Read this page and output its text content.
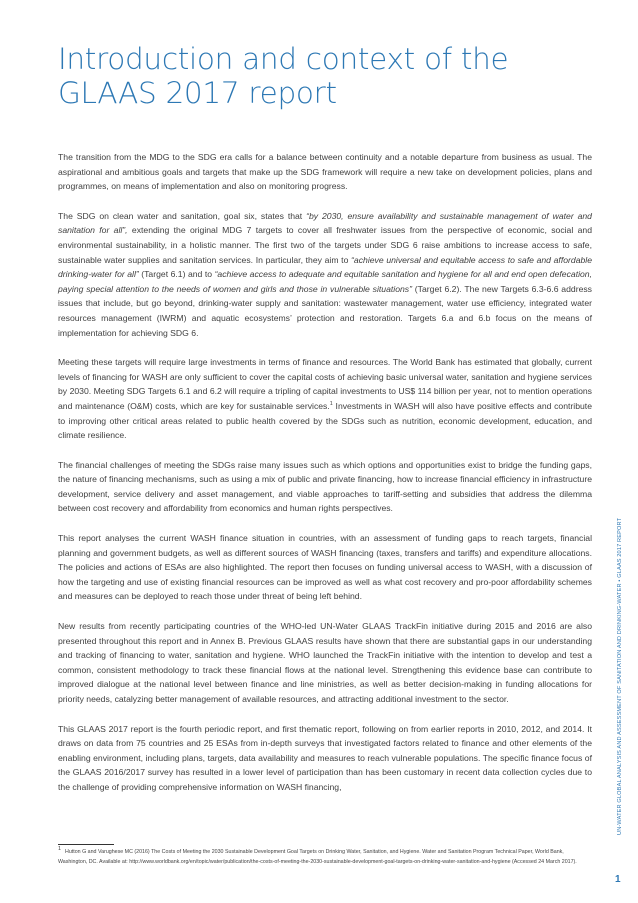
Introduction and context of the GLAAS 2017 report

The transition from the MDG to the SDG era calls for a balance between continuity and a notable departure from business as usual. The aspirational and ambitious goals and targets that make up the SDG framework will require a new take on development policies, plans and programmes, on means of implementation and also on monitoring progress.

The SDG on clean water and sanitation, goal six, states that “by 2030, ensure availability and sustainable management of water and sanitation for all”, extending the original MDG 7 targets to cover all freshwater issues from the perspective of economic, social and environmental sustainability, in a holistic manner. The first two of the targets under SDG 6 raise ambitions to increase access to safe, sustainable water supplies and sanitation services. In particular, they aim to “achieve universal and equitable access to safe and affordable drinking-water for all” (Target 6.1) and to “achieve access to adequate and equitable sanitation and hygiene for all and end open defecation, paying special attention to the needs of women and girls and those in vulnerable situations” (Target 6.2). The new Targets 6.3-6.6 address issues that include, but go beyond, drinking-water supply and sanitation: wastewater management, water use efficiency, integrated water resources management (IWRM) and aquatic ecosystems’ protection and restoration. Targets 6.a and 6.b focus on the means of implementation for achieving SDG 6.

Meeting these targets will require large investments in terms of finance and resources. The World Bank has estimated that globally, current levels of financing for WASH are only sufficient to cover the capital costs of achieving basic universal water, sanitation and hygiene services by 2030. Meeting SDG Targets 6.1 and 6.2 will require a tripling of capital investments to US$ 114 billion per year, not to mention operations and maintenance (O&M) costs, which are key for sustainable services.$^1$ Investments in WASH will also have positive effects and contribute to improving other critical areas related to public health covered by the SDGs such as nutrition, economic development, education, and climate resilience.

The financial challenges of meeting the SDGs raise many issues such as which options and opportunities exist to bridge the funding gaps, the nature of financing mechanisms, such as using a mix of public and private financing, how to increase financial efficiency in infrastructure development, service delivery and asset management, and viable approaches to tariff-setting and subsidies that address the dilemma between cost recovery and affordability from economics and human rights perspectives.

This report analyses the current WASH finance situation in countries, with an assessment of funding gaps to reach targets, financial planning and government budgets, as well as different sources of WASH financing (taxes, transfers and tariffs) and expenditure allocations. The policies and actions of ESAs are also highlighted. The report then focuses on funding universal access to WASH, with a discussion of how the targeting and use of existing financial resources can be improved as well as what cost recovery and pro-poor affordability schemes and measures can be deployed to reach those under threat of being left behind.

New results from recently participating countries of the WHO-led UN-Water GLAAS TrackFin initiative during 2015 and 2016 are also presented throughout this report and in Annex B. Previous GLAAS results have shown that there are substantial gaps in our understanding and tracking of financing to water, sanitation and hygiene. WHO launched the TrackFin initiative with the intention to develop and test a common, consistent methodology to track these financial flows at the national level. Strengthening this evidence base can contribute to improved dialogue at the national level between finance and line ministries, as well as better decision-making in funding allocations for priority needs, catalyzing better management of available resources, and attracting additional investment to the sector.

This GLAAS 2017 report is the fourth periodic report, and first thematic report, following on from earlier reports in 2010, 2012, and 2014. It draws on data from 75 countries and 25 ESAs from in-depth surveys that investigated factors related to finance and other elements of the enabling environment, including plans, targets, data availability and measures to reach vulnerable populations. The specific finance focus of the GLAAS 2016/2017 survey has resulted in a lower level of participation than has been customary in recent data collection cycles due to the challenge of providing comprehensive information on WASH financing,

$^1$ Hutton G and Varughese MC (2016) The Costs of Meeting the 2030 Sustainable Development Goal Targets on Drinking Water, Sanitation, and Hygiene. Water and Sanitation Program Technical Paper, World Bank, Washington, DC. Available at: http://www.worldbank.org/en/topic/water/publication/the-costs-of-meeting-the-2030-sustainable-development-goal-targets-on-drinking-water-sanitation-and-hygiene (Accessed 24 March 2017).
UN-WATER GLOBAL ANALYSIS AND ASSESSMENT OF SANITATION AND DRINKING-WATER • GLAAS 2017 REPORT
1
